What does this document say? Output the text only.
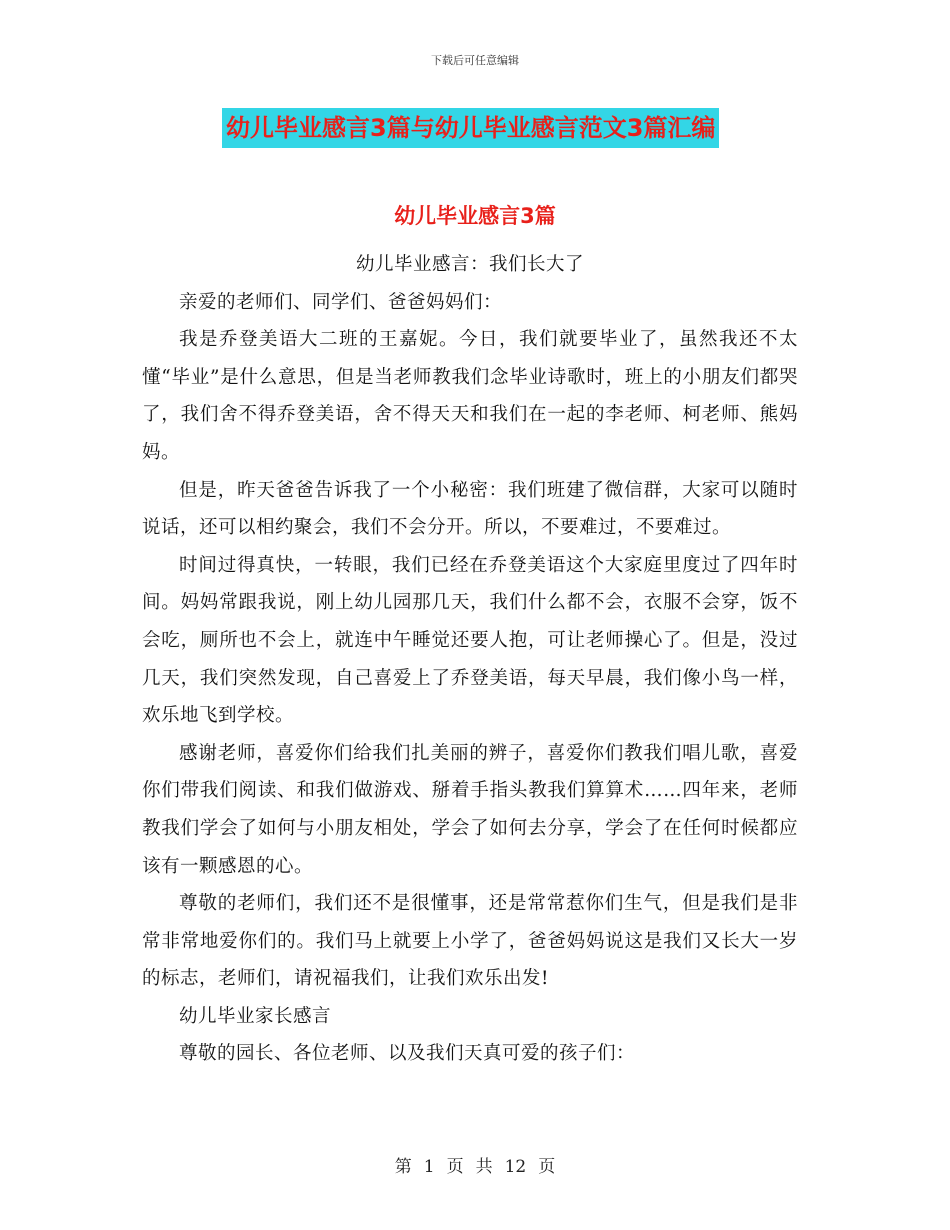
下载后可任意编辑
幼儿毕业感言3篇与幼儿毕业感言范文3篇汇编
幼儿毕业感言3篇

幼儿毕业感言：我们长大了

亲爱的老师们、同学们、爸爸妈妈们：

我是乔登美语大二班的王嘉妮。今日，我们就要毕业了，虽然我还不太懂“毕业”是什么意思，但是当老师教我们念毕业诗歌时，班上的小朋友们都哭了，我们舍不得乔登美语，舍不得天天和我们在一起的李老师、柯老师、熊妈妈。

但是，昨天爸爸告诉我了一个小秘密：我们班建了微信群，大家可以随时说话，还可以相约聚会，我们不会分开。所以，不要难过，不要难过。

时间过得真快，一转眼，我们已经在乔登美语这个大家庭里度过了四年时间。妈妈常跟我说，刚上幼儿园那几天，我们什么都不会，衣服不会穿，饭不会吃，厕所也不会上，就连中午睡觉还要人抱，可让老师操心了。但是，没过几天，我们突然发现，自己喜爱上了乔登美语，每天早晨，我们像小鸟一样，欢乐地飞到学校。

感谢老师，喜爱你们给我们扎美丽的辨子，喜爱你们教我们唱儿歌，喜爱你们带我们阅读、和我们做游戏、掰着手指头教我们算算术……四年来，老师教我们学会了如何与小朋友相处，学会了如何去分享，学会了在任何时候都应该有一颗感恩的心。

尊敬的老师们，我们还不是很懂事，还是常常惹你们生气，但是我们是非常非常地爱你们的。我们马上就要上小学了，爸爸妈妈说这是我们又长大一岁的标志，老师们，请祝福我们，让我们欢乐出发!

幼儿毕业家长感言

尊敬的园长、各位老师、以及我们天真可爱的孩子们：

第 1 页 共 12 页
